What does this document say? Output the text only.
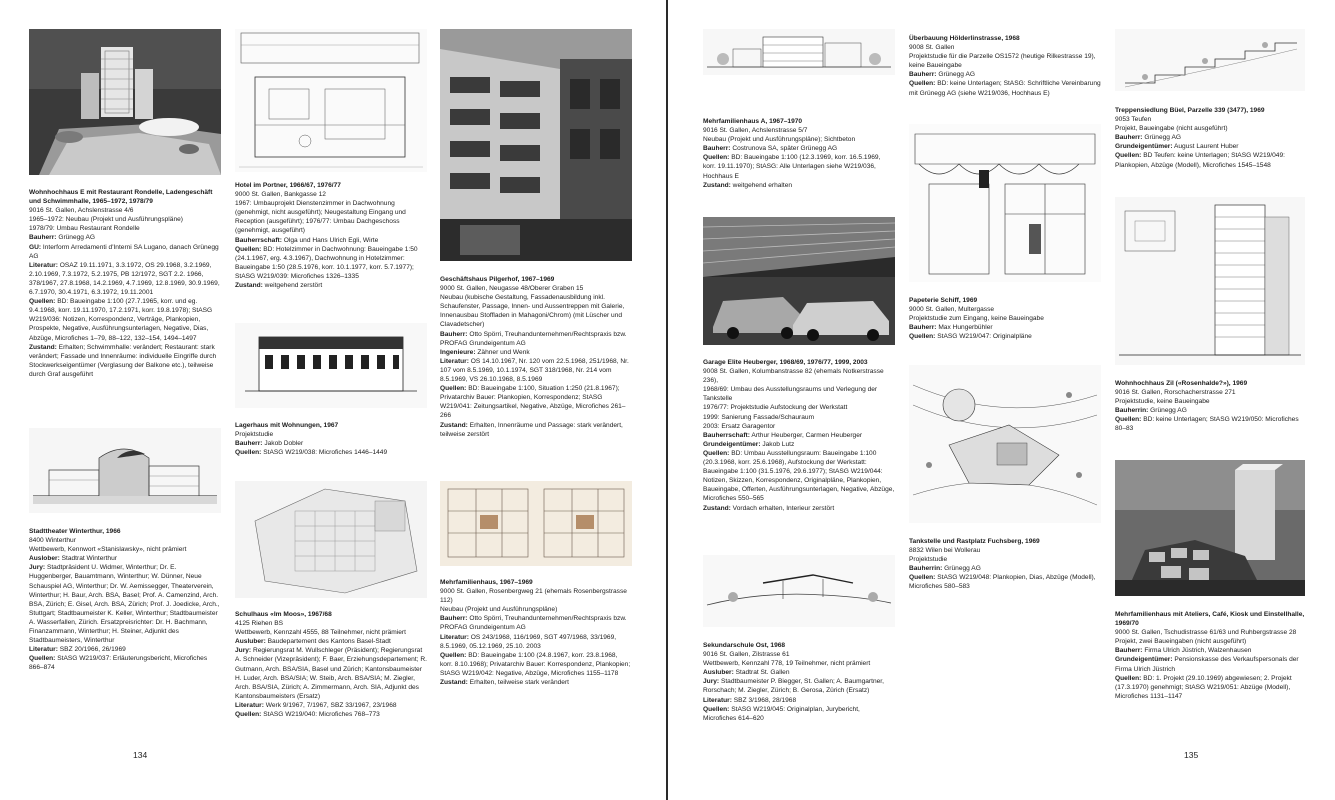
Wohnhochhaus E mit Restaurant Rondelle, Ladengeschäft und Schwimmhalle, 1965–1972, 1978/79
9016 St. Gallen, Achslenstrasse 4/6
1965–1972: Neubau (Projekt und Ausführungspläne)
1978/79: Umbau Restaurant Rondelle
Bauherr: Grünegg AG
GU: Interform Arredamenti d'Interni SA Lugano, danach Grünegg AG
Literatur: OSAZ 19.11.1971, 3.3.1972, OS 29.1968, 3.2.1969, 2.10.1969, 7.3.1972, 5.2.1975, PB 12/1972, SGT 2.2. 1966, 378/1967, 27.8.1968, 14.2.1969, 4.7.1969, 12.8.1969, 30.9.1969, 6.7.1970, 30.4.1971, 6.3.1972, 19.11.2001
Quellen: BD: Baueingabe 1:100 (27.7.1965, korr. und eg. 9.4.1968, korr. 19.11.1970, 17.2.1971, korr. 19.8.1978); StASG W219/036: Notizen, Korrespondenz, Verträge, Plankopien, Prospekte, Negative, Ausführungsunterlagen, Negative, Dias, Abzüge, Microfiches 1–79, 88–122, 132–154, 1494–1497
Zustand: Erhalten; Schwimmhalle: verändert; Restaurant: stark verändert; Fassade und Innenräume: individuelle Eingriffe durch Stockwerkseigentümer (Verglasung der Balkone etc.), teilweise durch Graf ausgeführt
Stadttheater Winterthur, 1966
8400 Winterthur
Wettbewerb, Kennwort «Stanislawsky», nicht prämiert
Auslober: Stadtrat Winterthur
Jury: Stadtpräsident U. Widmer, Winterthur; Dr. E. Huggenberger, Bauamtmann, Winterthur; W. Dünner, Neue Schauspiel AG, Winterthur; Dr. W. Aemissegger, Theaterverein, Winterthur; H. Baur, Arch. BSA, Basel; Prof. A. Camenzind, Arch. BSA, Zürich; E. Gisel, Arch. BSA, Zürich; Prof. J. Joedicke, Arch., Stuttgart; Stadtbaumeister K. Keller, Winterthur; Stadtbaumeister A. Wasserfallen, Zürich. Ersatzpreisrichter: Dr. H. Bachmann, Finanzammann, Winterthur; H. Steiner, Adjunkt des Stadtbaumeisters, Winterthur
Literatur: SBZ 20/1966, 26/1969
Quellen: StASG W219/037: Erläuterungsbericht, Microfiches 866–874
Hotel im Portner, 1966/67, 1976/77
9000 St. Gallen, Bankgasse 12
1967: Umbauprojekt Dienstenzimmer in Dachwohnung (genehmigt, nicht ausgeführt); Neugestaltung Eingang und Reception (ausgeführt); 1976/77: Umbau Dachgeschoss (genehmigt, ausgeführt)
Bauherrschaft: Olga und Hans Ulrich Egli, Wirte
Quellen: BD: Hotelzimmer in Dachwohnung: Baueingabe 1:50 (24.1.1967, erg. 4.3.1967), Dachwohnung in Hotelzimmer: Baueingabe 1:50 (28.5.1976, korr. 10.1.1977, korr. 5.7.1977); StASG W219/039: Microfiches 1326–1335
Zustand: weitgehend zerstört
Lagerhaus mit Wohnungen, 1967
Projektstudie
Bauherr: Jakob Dobler
Quellen: StASG W219/038: Microfiches 1446–1449
Schulhaus «Im Moos», 1967/68
4125 Riehen BS
Wettbewerb, Kennzahl 4555, 88 Teilnehmer, nicht prämiert
Ausluber: Baudepartement des Kantons Basel-Stadt
Jury: Regierungsrat M. Wullschleger (Präsident); Regierungsrat A. Schneider (Vizepräsident); F. Baer, Erziehungsdepartement; R. Gutmann, Arch. BSA/SIA, Basel und Zürich; Kantonsbaumeister H. Luder, Arch. BSA/SIA; W. Steib, Arch. BSA/SIA; M. Ziegler, Arch. BSA/SIA, Zürich; A. Zimmermann, Arch. SIA, Adjunkt des Kantonsbaumeisters (Ersatz)
Literatur: Werk 9/1967, 7/1967, SBZ 33/1967, 23/1968
Quellen: StASG W219/040: Microfiches 768–773
Geschäftshaus Pilgerhof, 1967–1969
9000 St. Gallen, Neugasse 48/Oberer Graben 15
Neubau (kubische Gestaltung, Fassadenausbildung inkl. Schaufenster, Passage, Innen- und Aussentreppen mit Galerie, Innenausbau Stoffladen in Mahagoni/Chrom) (mit Lüscher und Clavadetscher)
Bauherr: Otto Spörri, Treuhandunternehmen/Rechtspraxis bzw. PROFAG Grundeigentum AG
Ingenieure: Zähner und Wenk
Literatur: OS 14.10.1967, Nr. 120 vom 22.5.1968, 251/1968, Nr. 107 vom 8.5.1969, 10.1.1974, SGT 318/1968, Nr. 214 vom 8.5.1969, VS 26.10.1968, 8.5.1969
Quellen: BD: Baueingabe 1:100, Situation 1:250 (21.8.1967); Privatarchiv Bauer: Plankopien, Korrespondenz; StASG W219/041: Zeitungsartikel, Negative, Abzüge, Microfiches 261–266
Zustand: Erhalten, Innenräume und Passage: stark verändert, teilweise zerstört
Mehrfamilienhaus, 1967–1969
9000 St. Gallen, Rosenbergweg 21 (ehemals Rosenbergstrasse 112)
Neubau (Projekt und Ausführungspläne)
Bauherr: Otto Spörri, Treuhandunternehmen/Rechtspraxis bzw. PROFAG Grundeigentum AG
Literatur: OS 243/1968, 116/1969, SGT 497/1968, 33/1969, 8.5.1969, 05.12.1969, 25.10. 2003
Quellen: BD: Baueingabe 1:100 (24.8.1967, korr. 23.8.1968, korr. 8.10.1968); Privatarchiv Bauer: Korrespondenz, Plankopien; StASG W219/042: Negative, Abzüge, Microfiches 1155–1178
Zustand: Erhalten, teilweise stark verändert
134
Mehrfamilienhaus A, 1967–1970
9016 St. Gallen, Achslenstrasse 5/7
Neubau (Projekt und Ausführungspläne); Sichtbeton
Bauherr: Costrunova SA, später Grünegg AG
Quellen: BD: Baueingabe 1:100 (12.3.1969, korr. 16.5.1969, korr. 19.11.1970); StASG: Alle Unterlagen siehe W219/036, Hochhaus E
Zustand: weitgehend erhalten
Garage Elite Heuberger, 1968/69, 1976/77, 1999, 2003
9008 St. Gallen, Kolumbanstrasse 82 (ehemals Notkerstrasse 236),
1968/69: Umbau des Ausstellungsraums und Verlegung der Tankstelle
1976/77: Projektstudie Aufstockung der Werkstatt
1999: Sanierung Fassade/Schauraum
2003: Ersatz Garagentor
Bauherrschaft: Arthur Heuberger, Carmen Heuberger
Grundeigentümer: Jakob Lutz
Quellen: BD: Umbau Ausstellungsraum: Baueingabe 1:100 (20.3.1968, korr. 25.6.1968), Aufstockung der Werkstatt: Baueingabe 1:100 (31.5.1976, 29.6.1977); StASG W219/044: Notizen, Skizzen, Korrespondenz, Originalpläne, Plankopien, Baueingabe, Offerten, Ausführungsunterlagen, Negative, Abzüge, Microfiches 550–565
Zustand: Vordach erhalten, Interieur zerstört
Sekundarschule Ost, 1968
9016 St. Gallen, Zilstrasse 61
Wettbewerb, Kennzahl 778, 19 Teilnehmer, nicht prämiert
Ausluber: Stadtrat St. Gallen
Jury: Stadtbaumeister P. Biegger, St. Gallen; A. Baumgartner, Rorschach; M. Ziegler, Zürich; B. Gerosa, Zürich (Ersatz)
Literatur: SBZ 3/1968, 28/1968
Quellen: StASG W219/045: Originalplan, Jurybericht, Microfiches 614–620
Überbauung Hölderlinstrasse, 1968
9008 St. Gallen
Projektstudie für die Parzelle OS1572 (heutige Rilkestrasse 19), keine Baueingabe
Bauherr: Grünegg AG
Quellen: BD: keine Unterlagen; StASG: Schriftliche Vereinbarung mit Grünegg AG (siehe W219/036, Hochhaus E)
Papeterie Schiff, 1969
9000 St. Gallen, Multergasse
Projektstudie zum Eingang, keine Baueingabe
Bauherr: Max Hungerbühler
Quellen: StASG W219/047: Originalpläne
Tankstelle und Rastplatz Fuchsberg, 1969
8832 Wilen bei Wollerau
Projektstudie
Bauherrin: Grünegg AG
Quellen: StASG W219/048: Plankopien, Dias, Abzüge (Modell), Microfiches 580–583
Treppensiedlung Büel, Parzelle 339 (3477), 1969
9053 Teufen
Projekt, Baueingabe (nicht ausgeführt)
Bauherr: Grünegg AG
Grundeigentümer: August Laurent Huber
Quellen: BD Teufen: keine Unterlagen; StASG W219/049: Plankopien, Abzüge (Modell), Microfiches 1545–1548
Wohnhochhaus Zil («Rosenhalde?»), 1969
9016 St. Gallen, Rorschacherstrasse 271
Projektstudie, keine Baueingabe
Bauherrin: Grünegg AG
Quellen: BD: keine Unterlagen; StASG W219/050: Microfiches 80–83
Mehrfamilienhaus mit Ateliers, Café, Kiosk und Einstellhalle, 1969/70
9000 St. Gallen, Tschudistrasse 61/63 und Ruhbergstrasse 28
Projekt, zwei Baueingaben (nicht ausgeführt)
Bauherr: Firma Ulrich Jüstrich, Walzenhausen
Grundeigentümer: Pensionskasse des Verkaufspersonals der Firma Ulrich Jüstrich
Quellen: BD: 1. Projekt (29.10.1969) abgewiesen; 2. Projekt (17.3.1970) genehmigt; StASG W219/051: Abzüge (Modell), Microfiches 1131–1147
135
